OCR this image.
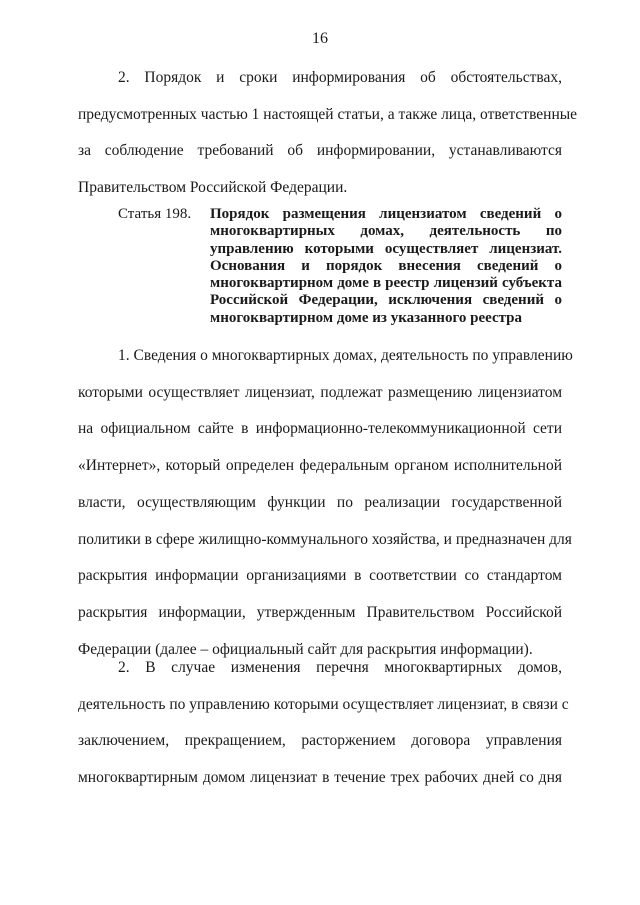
16
2. Порядок и сроки информирования об обстоятельствах,
предусмотренных частью 1 настоящей статьи, а также лица, ответственные
за соблюдение требований об информировании, устанавливаются
Правительством Российской Федерации.
Статья 198. Порядок размещения лицензиатом сведений о
многоквартирных домах, деятельность по
управлению которыми осуществляет лицензиат.
Основания и порядок внесения сведений о
многоквартирном доме в реестр лицензий субъекта
Российской Федерации, исключения сведений о
многоквартирном доме из указанного реестра
1. Сведения о многоквартирных домах, деятельность по управлению
которыми осуществляет лицензиат, подлежат размещению лицензиатом
на официальном сайте в информационно-телекоммуникационной сети
«Интернет», который определен федеральным органом исполнительной
власти, осуществляющим функции по реализации государственной
политики в сфере жилищно-коммунального хозяйства, и предназначен для
раскрытия информации организациями в соответствии со стандартом
раскрытия информации, утвержденным Правительством Российской
Федерации (далее – официальный сайт для раскрытия информации).
2. В случае изменения перечня многоквартирных домов,
деятельность по управлению которыми осуществляет лицензиат, в связи с
заключением, прекращением, расторжением договора управления
многоквартирным домом лицензиат в течение трех рабочих дней со дня
